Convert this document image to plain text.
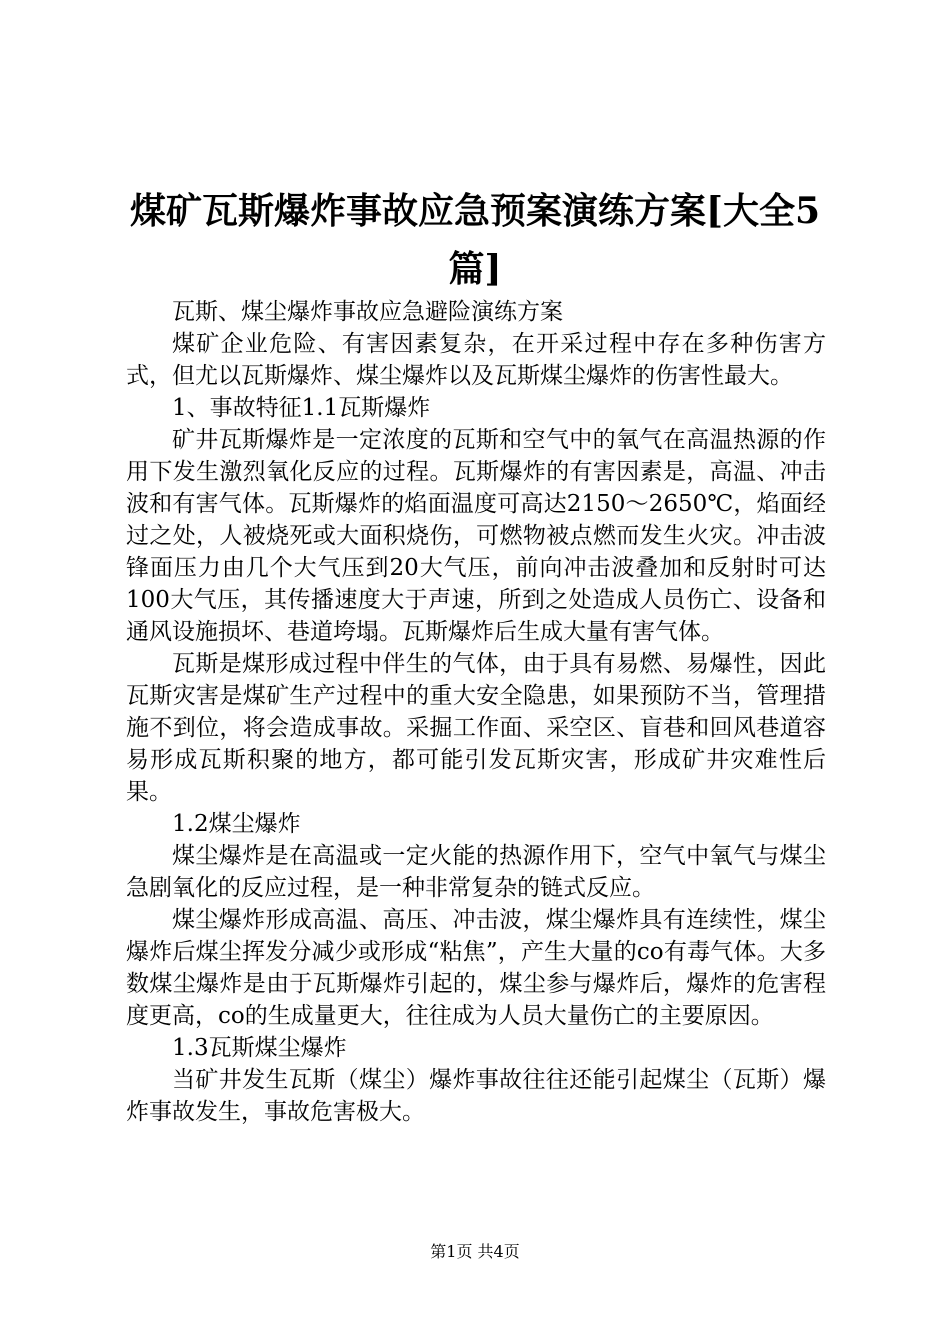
煤矿瓦斯爆炸事故应急预案演练方案[大全5篇]

瓦斯、煤尘爆炸事故应急避险演练方案

煤矿企业危险、有害因素复杂，在开采过程中存在多种伤害方式，但尤以瓦斯爆炸、煤尘爆炸以及瓦斯煤尘爆炸的伤害性最大。

1、事故特征1.1瓦斯爆炸

矿井瓦斯爆炸是一定浓度的瓦斯和空气中的氧气在高温热源的作用下发生激烈氧化反应的过程。瓦斯爆炸的有害因素是，高温、冲击波和有害气体。瓦斯爆炸的焰面温度可高达2150～2650℃，焰面经过之处，人被烧死或大面积烧伤，可燃物被点燃而发生火灾。冲击波锋面压力由几个大气压到20大气压，前向冲击波叠加和反射时可达100大气压，其传播速度大于声速，所到之处造成人员伤亡、设备和通风设施损坏、巷道垮塌。瓦斯爆炸后生成大量有害气体。

瓦斯是煤形成过程中伴生的气体，由于具有易燃、易爆性，因此瓦斯灾害是煤矿生产过程中的重大安全隐患，如果预防不当，管理措施不到位，将会造成事故。采掘工作面、采空区、盲巷和回风巷道容易形成瓦斯积聚的地方，都可能引发瓦斯灾害，形成矿井灾难性后果。

1.2煤尘爆炸

煤尘爆炸是在高温或一定火能的热源作用下，空气中氧气与煤尘急剧氧化的反应过程，是一种非常复杂的链式反应。

煤尘爆炸形成高温、高压、冲击波，煤尘爆炸具有连续性，煤尘爆炸后煤尘挥发分减少或形成“粘焦”，产生大量的co有毒气体。大多数煤尘爆炸是由于瓦斯爆炸引起的，煤尘参与爆炸后，爆炸的危害程度更高，co的生成量更大，往往成为人员大量伤亡的主要原因。

1.3瓦斯煤尘爆炸

当矿井发生瓦斯（煤尘）爆炸事故往往还能引起煤尘（瓦斯）爆炸事故发生，事故危害极大。

第1页 共4页
